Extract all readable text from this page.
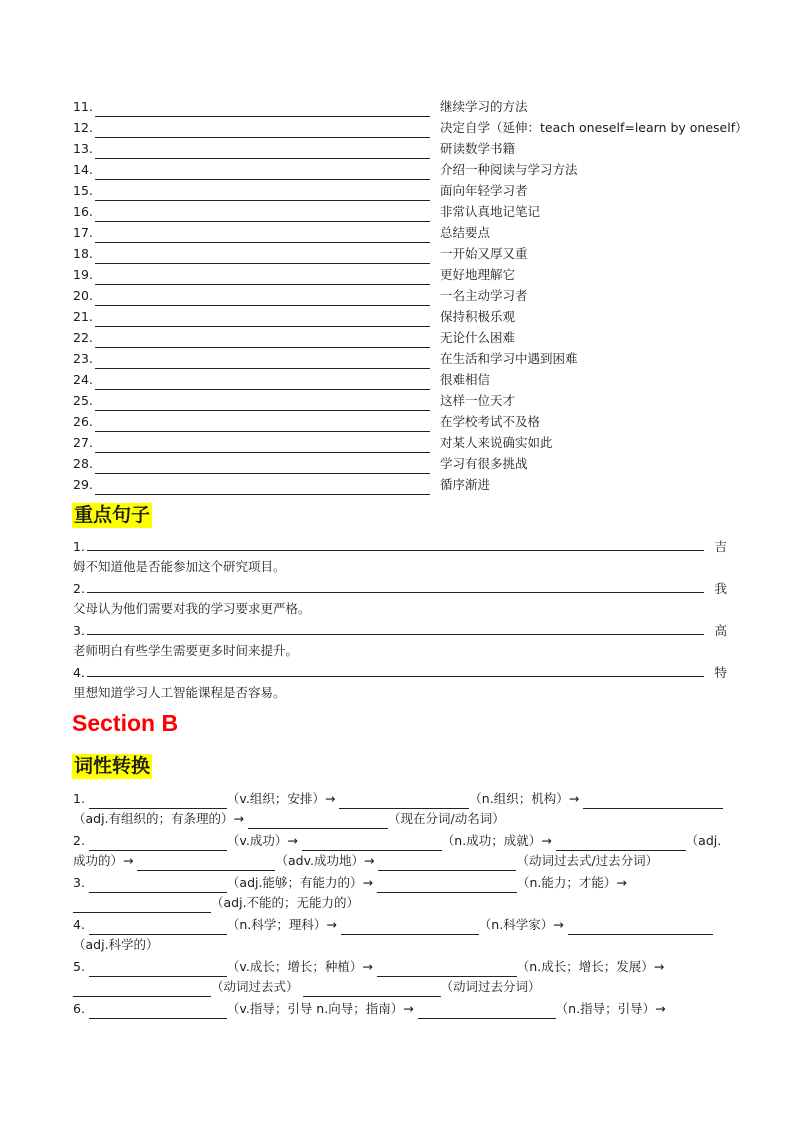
11.	继续学习的方法
12.	决定自学（延伸：teach oneself=learn by oneself）
13.	研读数学书籍
14.	介绍一种阅读与学习方法
15.	面向年轻学习者
16.	非常认真地记笔记
17.	总结要点
18.	一开始又厚又重
19.	更好地理解它
20.	一名主动学习者
21.	保持积极乐观
22.	无论什么困难
23.	在生活和学习中遇到困难
24.	很难相信
25.	这样一位天才
26.	在学校考试不及格
27.	对某人来说确实如此
28.	学习有很多挑战
29.	循序渐进
重点句子
1.	吉
姆不知道他是否能参加这个研究项目。
2.	我
父母认为他们需要对我的学习要求更严格。
3.	高
老师明白有些学生需要更多时间来提升。
4.	特
里想知道学习人工智能课程是否容易。
Section B
词性转换
1.	（v.组织；安排）→	（n.组织；机构）→
（adj.有组织的；有条理的）→	（现在分词/动名词）
2.	（v.成功）→	（n.成功；成就）→	（adj.
成功的）→	（adv.成功地）→	（动词过去式/过去分词）
3.	（adj.能够；有能力的）→	（n.能力；才能）→
（adj.不能的；无能力的）
4.	（n.科学；理科）→	（n.科学家）→
（adj.科学的）
5.	（v.成长；增长；种植）→	（n.成长；增长；发展）→
（动词过去式）	（动词过去分词）
6.	（v.指导；引导 n.向导；指南）→	（n.指导；引导）→
